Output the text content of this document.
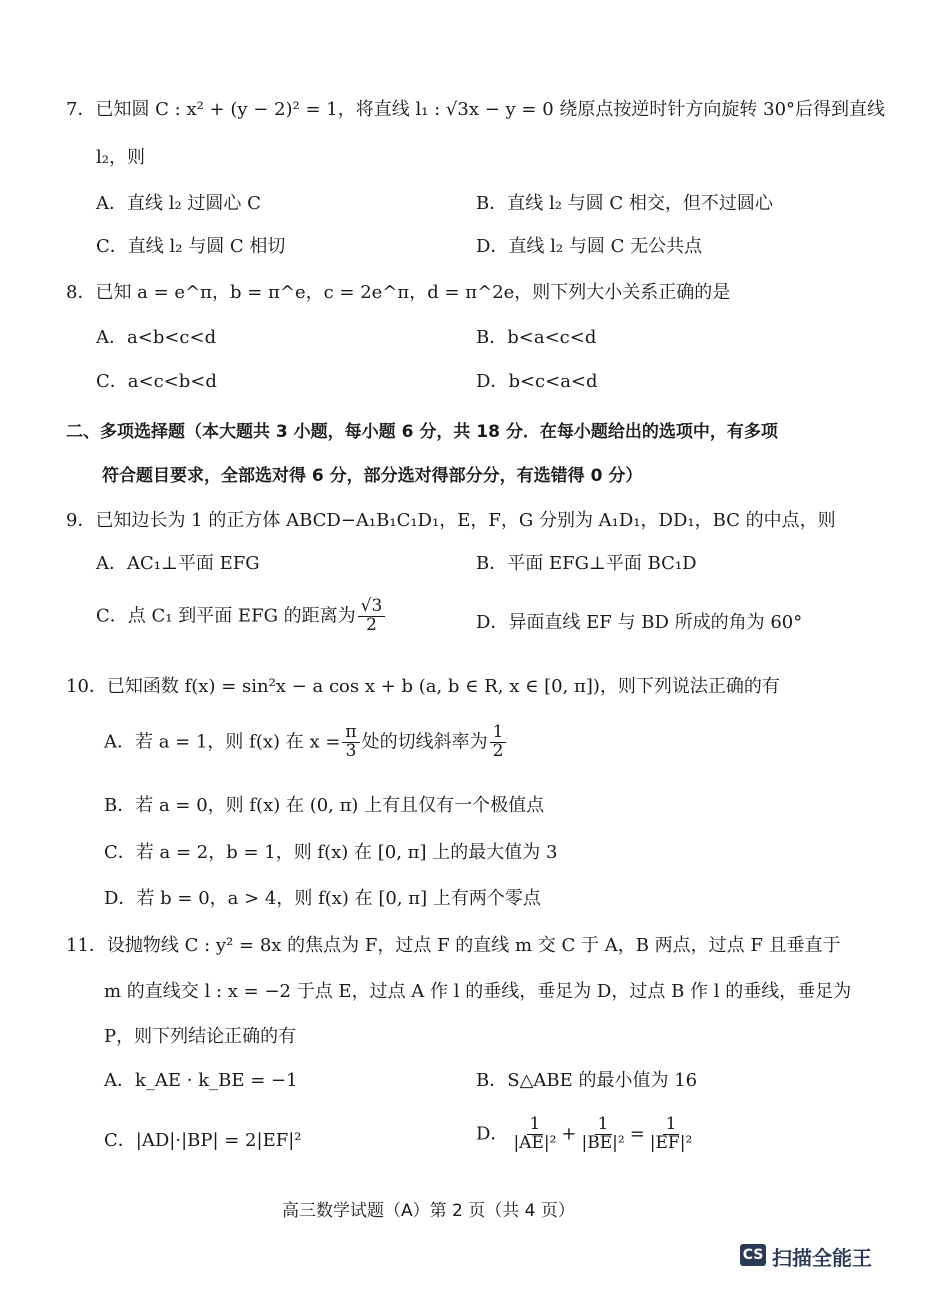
7．已知圆 C : x² + (y − 2)² = 1，将直线 l₁ : √3x − y = 0 绕原点按逆时针方向旋转 30°后得到直线
l₂，则
A．直线 l₂ 过圆心 C	B．直线 l₂ 与圆 C 相交，但不过圆心
C．直线 l₂ 与圆 C 相切	D．直线 l₂ 与圆 C 无公共点
8．已知 a = e^π，b = π^e，c = 2e^π，d = π^2e，则下列大小关系正确的是
A．a<b<c<d	B．b<a<c<d
C．a<c<b<d	D．b<c<a<d
二、多项选择题（本大题共 3 小题，每小题 6 分，共 18 分．在每小题给出的选项中，有多项
符合题目要求，全部选对得 6 分，部分选对得部分分，有选错得 0 分）
9．已知边长为 1 的正方体 ABCD−A₁B₁C₁D₁，E，F，G 分别为 A₁D₁，DD₁，BC 的中点，则
A．AC₁⊥平面 EFG	B．平面 EFG⊥平面 BC₁D
C．点 C₁ 到平面 EFG 的距离为 $\frac{√3}{2}$	D．异面直线 EF 与 BD 所成的角为 60°
10．已知函数 f(x) = sin²x − a cos x + b (a, b ∈ R, x ∈ [0, π])，则下列说法正确的有
A．若 a = 1，则 f(x) 在 $x = \frac{\pi}{3}$ 处的切线斜率为 $\frac{1}{2}$
B．若 a = 0，则 f(x) 在 (0, π) 上有且仅有一个极值点
C．若 a = 2，b = 1，则 f(x) 在 [0, π] 上的最大值为 3
D．若 b = 0，a > 4，则 f(x) 在 [0, π] 上有两个零点
11．设抛物线 C : y² = 8x 的焦点为 F，过点 F 的直线 m 交 C 于 A，B 两点，过点 F 且垂直于
m 的直线交 l : x = −2 于点 E，过点 A 作 l 的垂线，垂足为 D，过点 B 作 l 的垂线，垂足为
P，则下列结论正确的有
A．k_AE · k_BE = −1	B．S△ABE 的最小值为 16
C．|AD|·|BP| = 2|EF|²	D． $\frac{1}{\text{|AE|²}} + \frac{1}{\text{|BE|²}} = \frac{1}{\text{|EF|²}}$
高三数学试题（A）第 2 页（共 4 页）
CS 扫描全能王
